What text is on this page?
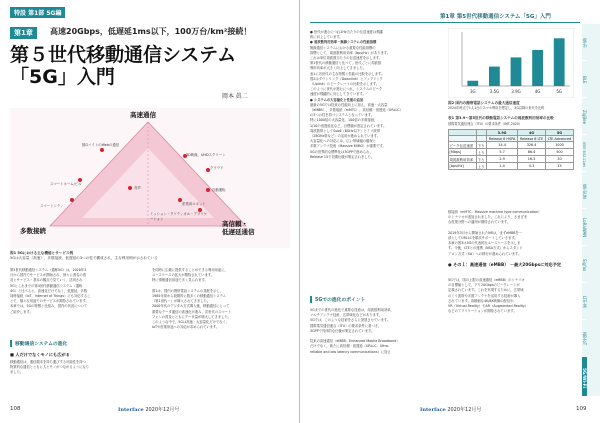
特設 第1部 5G編
第1章	高速20Gbps，低遅延1ms以下，100万台/km²接続！
第５世代移動通信システム
「5G」入門
岡本 眞二
高速通信
多数接続
高信頼・
低遅延通信
数GバイトのWebの通信
3D映像，UHDスクリーン
クラウド
スマートホーム/ビル
音声
スマートシティ	産業用ロボット
自動運転
ミッション・クリティカル・アプリケーション
図1 5Gにおける主な機能とサービス例
5Gは大容量（高速）、多数接続、低遅延の3つの柱で構成され、主な利用例が示されている
第5世代移動通信システム（通称5G）は，2020年3
月から国内でサービスが開始され，徐々に著名の普
及とサービス・基本の観点で見ていく、活用され
5Gとこれまでの第4世代移動通信システム（通称
4G）と比べると，高速化だけでなく，低遅延，多数
同時接続（IoT，Internet of Things）にも対応するこ
とで，様々な用途でのサービスが期待されています。
本章では，5Gの特徴と仕組み，国内の状況について
ご紹介します。
移動通信システムの進化
■ 人だけでなくモノにも広がる
移動通信は，通信端末を持ち運びする可能性を持つ
物質的な通信とともに人とモノがつながるようになり
ました。
を同時に広範に提供することができる利用用途に，
ユースケースの拡大が期待されています。
特に情報通信用途で多く見られます。
図1は，国内の携帯電話システムの発展を示し，
1985年頃から段階的に数多くの移動通信システム
（第1世代～）が導入されてきました。
2000年代のデジタル方式導入後，移動通信にとって
重要なデータ通信の高速化が進み，次世代のスマート
フォンの普及とともにデータ量が増大してきました。
このような中で，5Gは高速・大容量化だけでなく，
IoTや産業用途への対応が求められています。
108	Interface 2020年12月号
第1章 第5世代移動通信システム「5G」入門
● 世代が進むにつれ1Hz当たりの伝送速度は飛躍
的に向上しています。
● 周波数利用効率一無線システムの性能指標
無線通信システムにおける重要な性能指標の
指標として，周波数利用効率（bps/Hz）があります。
これは単位周波数当たりの伝送速度を示します。
第1世代の移動通信と比べて，世代ごとに周波数
利用効率が大きく向上してきました。
表1に各世代の主な特徴と性能の比較を示します。
図2はダウンリンク（Downlink）とアップリンク
（Uplink）のピークレートの比較を示します。
このように世代が進むにつれ，システムのピーク
速度が飛躍的に向上してきています。
● システムの大容量化と性能の追加
最新の5Gでは従来の性能向上に加え，高速・大容量
（eMBB），多数接続（mMTC），高信頼・低遅延（URLLC）
の3つの柱を持つシステムとなっています。
特に1000倍の大容量化，100倍の多数接続，
1/10の低遅延化など，目標値が設定されています。
周波数帯としてSub6（6GHz以下）とミリ波帯
（28GHz帯など）の活用が進められています。
大容量化への対応には，広い帯域幅の確保と
多数アンテナ技術（Massive MIMO）が重要です。
5Gの世界的な標準化は3GPPで進められ，
Release 15で初期仕様が策定されました。
5Gでの進化のポイント
5Gまでの世代の進化で重要な技術は，周波数利用効率，
マルチアンテナ技術，広帯域化などがあります。
5Gでは，このような技術をさらに発展させています。
国際電気通信連合（ITU）の要求条件に基づき，
3GPPで具体的な仕様が策定されています。
従来の高速通信（eMBB：Enhanced Mobile Broadband）
だけでなく，新たに高信頼・低遅延（URLLC：Ultra-
reliable and low latency communications）に加え
3G	3.5G	3.9G	4G	5G
図2 国内の携帯電話システムの最大通信速度
2020年時点で1人1台のスマホ利用を想定し，3G以降の世代を比較
表1 第3.9～第5世代の移動電話システムの周波数利用効率の比較
国際電気通信連合（ITU）の要求条件（IMT-2020）
		3.9G	4G	5G
		Release 6 HSPA	Release 8 LTE	LTE-Advanced
ピーク伝送速度	下り	14.4	326.4	1000
[Mbps]	上り	5.7	86.4	500
周波数利用効率	下り	2.9	16.3	30
[bps/Hz]	上り	1.4	4.3	15
数接続（mMTC：Massive machine type communication）
のシナリオが追加されました。これにより，さまざま
な産業分野への適用が期待されています。
2019年3月から開始されたNRは，まずeMBBを一
部としてURLLCを順次サポートしていきます。
本章の図3は5Gの代表的なユースケースを示しま
す。今後，LTEとの連携（NSA方式）からスタンド
アロン方式（SA）への移行が進められています。
● その１：高速通信（eMBB） －最大20Gbpsに対応予定
5Gでは，国の上限の高速通信（eMBB）のシナリオ
の目標値として，下り20Gbpsのピークレートが
定義されています。これを実現するために，広帯域
のミリ波帯や多数アンテナを活用する技術が導入
されています。高精細な4K/8K映像の配信や，
VR（Virtual Reality）やAR（Augmented Reality）
などのアプリケーションが期待されています。
Wi-Fi
BLE
ZigBee
IEEE 802.11ah
Wi-SUN
LoRaWAN
Sigfox
LTE-M
NB-IoT
5G/Wi-Fi
109
Interface 2020年12月号
